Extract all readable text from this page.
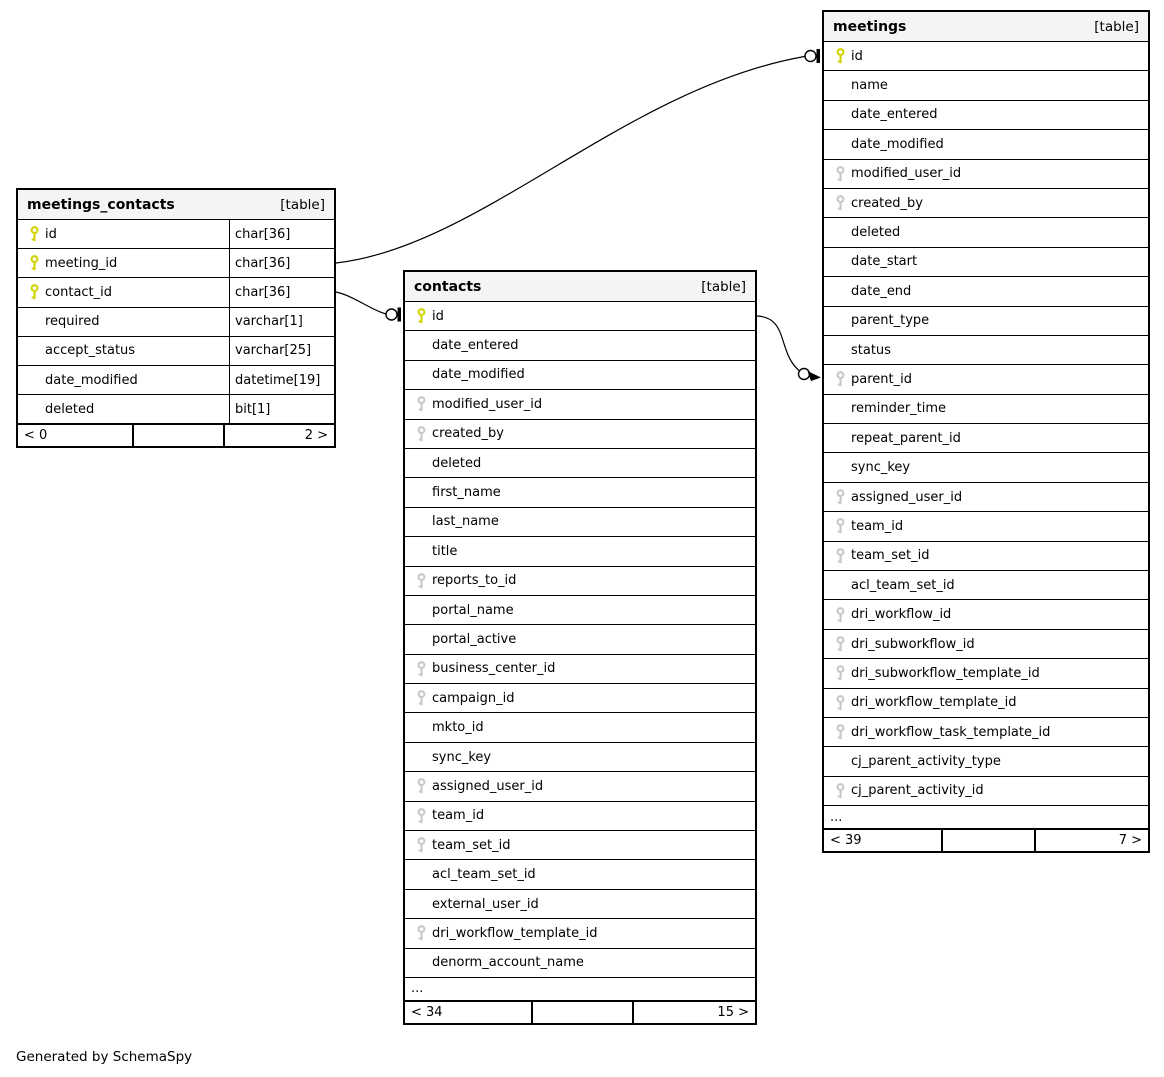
meetings_contacts	[table]
id	char[36]
meeting_id	char[36]
contact_id	char[36]
required	varchar[1]
accept_status	varchar[25]
date_modified	datetime[19]
deleted	bit[1]
< 0	2 >
contacts	[table]
id
date_entered
date_modified
modified_user_id
created_by
deleted
first_name
last_name
title
reports_to_id
portal_name
portal_active
business_center_id
campaign_id
mkto_id
sync_key
assigned_user_id
team_id
team_set_id
acl_team_set_id
external_user_id
dri_workflow_template_id
denorm_account_name
...
< 34	15 >
meetings	[table]
id
name
date_entered
date_modified
modified_user_id
created_by
deleted
date_start
date_end
parent_type
status
parent_id
reminder_time
repeat_parent_id
sync_key
assigned_user_id
team_id
team_set_id
acl_team_set_id
dri_workflow_id
dri_subworkflow_id
dri_subworkflow_template_id
dri_workflow_template_id
dri_workflow_task_template_id
cj_parent_activity_type
cj_parent_activity_id
...
< 39	7 >
Generated by SchemaSpy
